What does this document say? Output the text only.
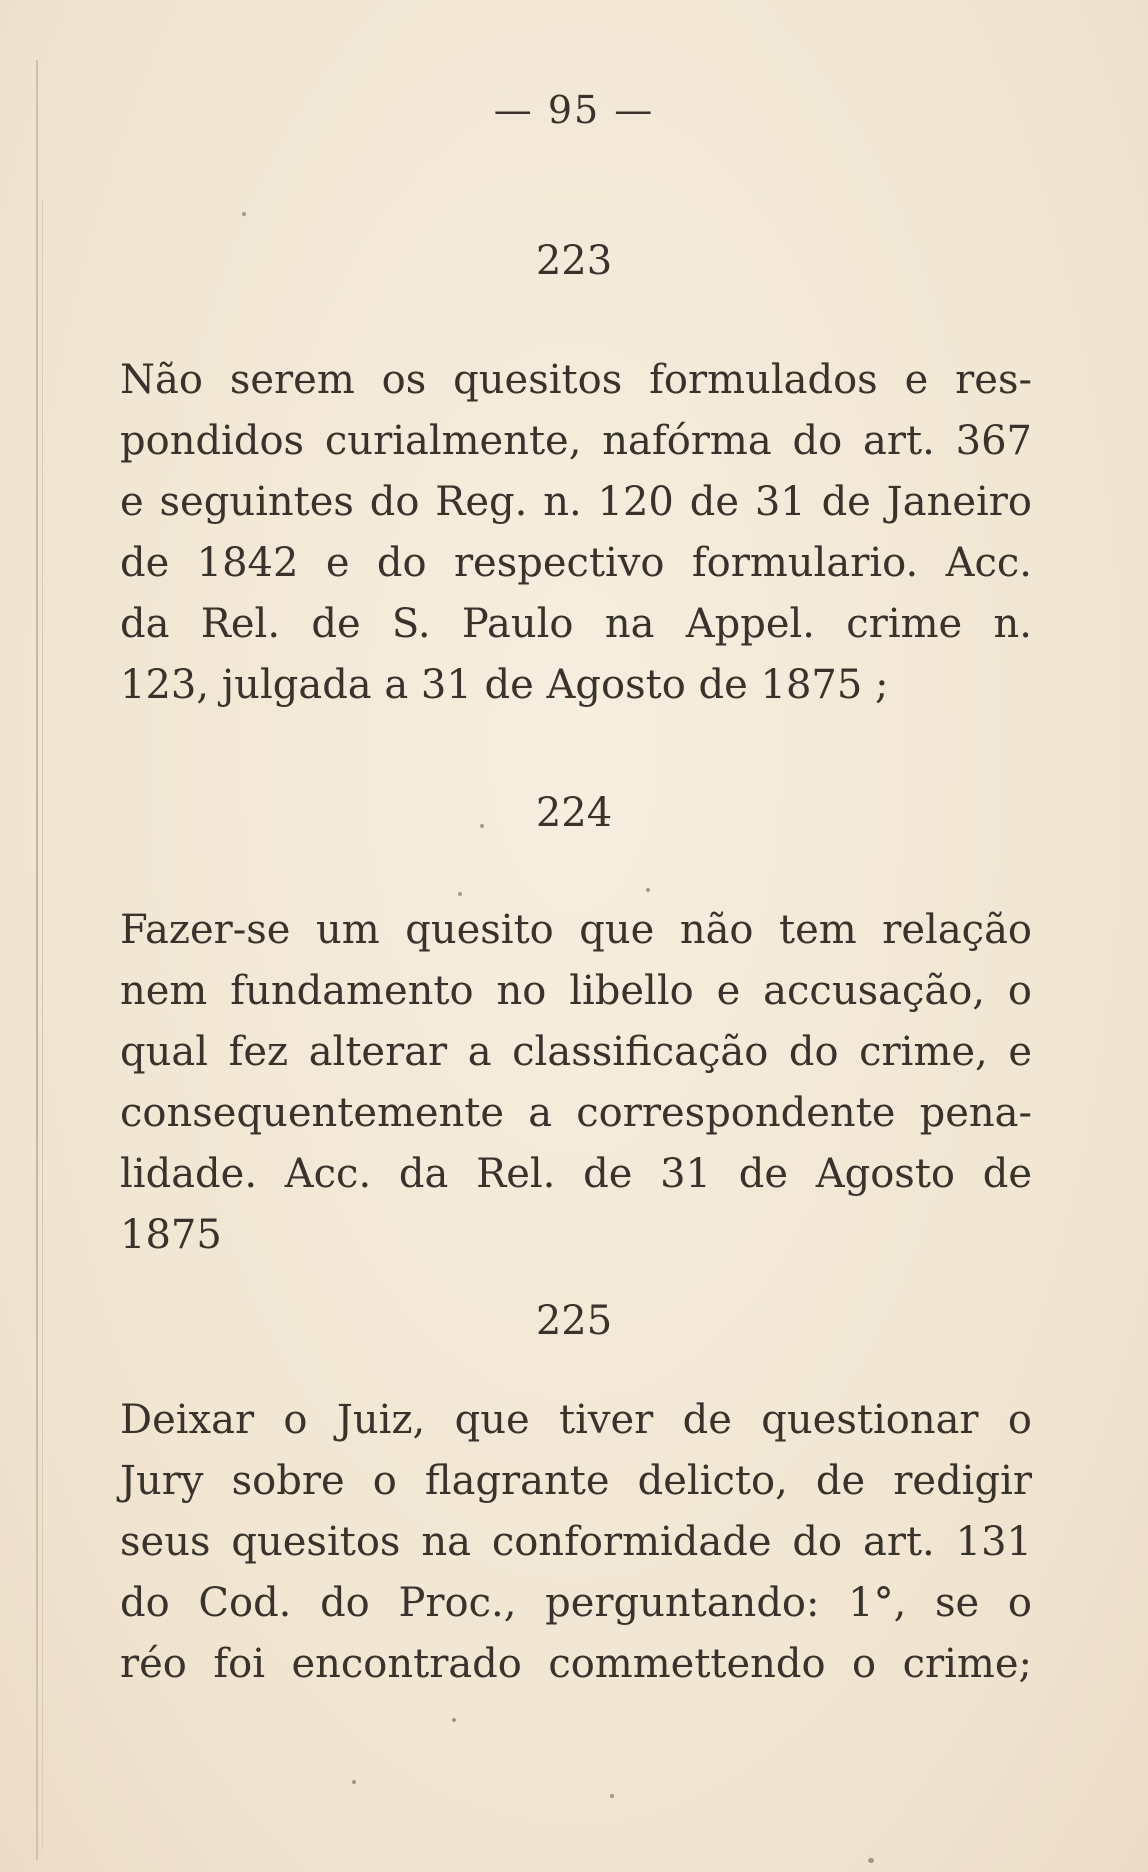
— 95 —
223
Não serem os quesitos formulados e res-
pondidos curialmente, nafórma do art. 367
e seguintes do Reg. n. 120 de 31 de Janeiro
de 1842 e do respectivo formulario. Acc.
da Rel. de S. Paulo na Appel. crime n.
123, julgada a 31 de Agosto de 1875 ;
224
Fazer-se um quesito que não tem relação
nem fundamento no libello e accusação, o
qual fez alterar a classificação do crime, e
consequentemente a correspondente pena-
lidade. Acc. da Rel. de 31 de Agosto de
1875
225
Deixar o Juiz, que tiver de questionar o
Jury sobre o flagrante delicto, de redigir
seus quesitos na conformidade do art. 131
do Cod. do Proc., perguntando: 1°, se o
réo foi encontrado commettendo o crime;
